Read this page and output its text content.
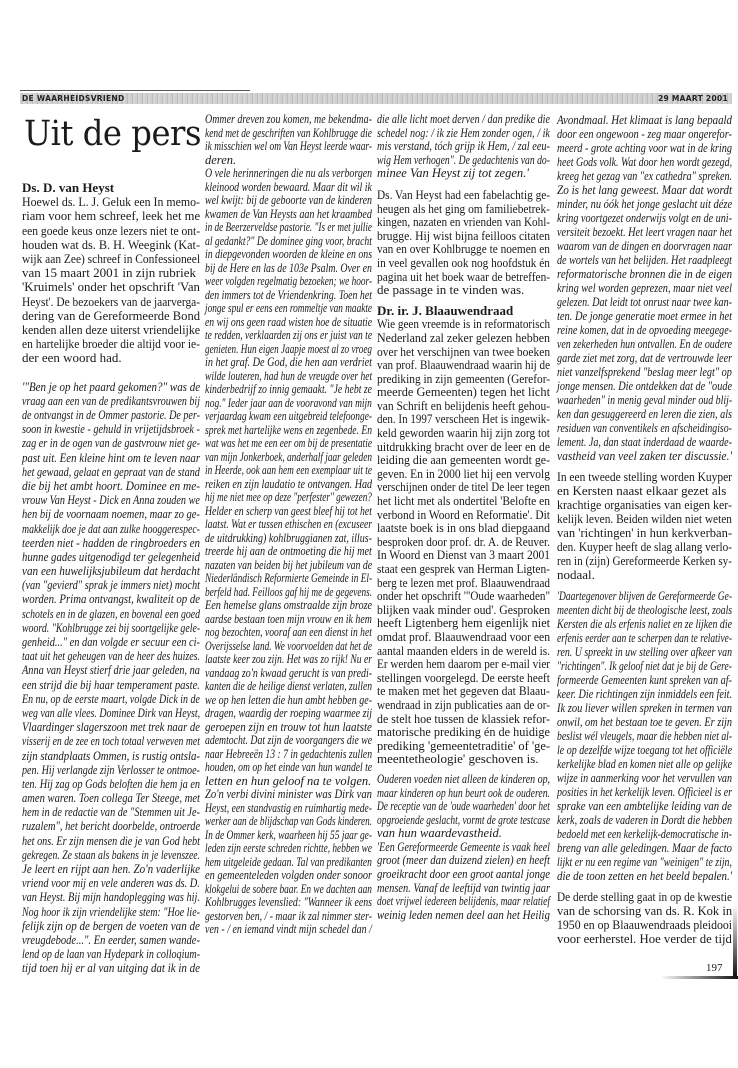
DE WAARHEIDSVRIEND	29 MAART 2001
Uit de pers
Ds. D. van Heyst
Hoewel ds. L. J. Geluk een In memo-
riam voor hem schreef, leek het me
een goede keus onze lezers niet te ont-
houden wat ds. B. H. Weegink (Kat-
wijk aan Zee) schreef in Confessioneel
van 15 maart 2001 in zijn rubriek
'Kruimels' onder het opschrift 'Van
Heyst'. De bezoekers van de jaarverga-
dering van de Gereformeerde Bond
kenden allen deze uiterst vriendelijke
en hartelijke broeder die altijd voor ie-
der een woord had.
'"Ben je op het paard gekomen?" was de
vraag aan een van de predikantsvrouwen bij
de ontvangst in de Ommer pastorie. De per-
soon in kwestie - gehuld in vrijetijdsbroek -
zag er in de ogen van de gastvrouw niet ge-
past uit. Een kleine hint om te leven naar
het gewaad, gelaat en gepraat van de stand
die bij het ambt hoort. Dominee en me-
vrouw Van Heyst - Dick en Anna zouden we
hen bij de voornaam noemen, maar zo ge-
makkelijk doe je dat aan zulke hooggerespec-
teerden niet - hadden de ringbroeders en
hunne gades uitgenodigd ter gelegenheid
van een huwelijksjubileum dat herdacht
(van "gevierd" sprak je immers niet) mocht
worden. Prima ontvangst, kwaliteit op de
schotels en in de glazen, en bovenal een goed
woord. "Kohlbrugge zei bij soortgelijke gele-
genheid..." en dan volgde er secuur een ci-
taat uit het geheugen van de heer des huizes.
Anna van Heyst stierf drie jaar geleden, na
een strijd die bij haar temperament paste.
En nu, op de eerste maart, volgde Dick in de
weg van alle vlees. Dominee Dirk van Heyst,
Vlaardinger slagerszoon met trek naar de
visserij en de zee en toch totaal verweven met
zijn standplaats Ommen, is rustig ontsla-
pen. Hij verlangde zijn Verlosser te ontmoe-
ten. Hij zag op Gods beloften die hem ja en
amen waren. Toen collega Ter Steege, met
hem in de redactie van de "Stemmen uit Je-
ruzalem", het bericht doorbelde, ontroerde
het ons. Er zijn mensen die je van God hebt
gekregen. Ze staan als bakens in je levenszee.
Je leert en rijpt aan hen. Zo'n vaderlijke
vriend voor mij en vele anderen was ds. D.
van Heyst. Bij mijn handoplegging was hij.
Nog hoor ik zijn vriendelijke stem: "Hoe lie-
felijk zijn op de bergen de voeten van de
vreugdebode...". En eerder, samen wande-
lend op de laan van Hydepark in colloqium-
tijd toen hij er al van uitging dat ik in de
Ommer dreven zou komen, me bekendma-
kend met de geschriften van Kohlbrugge die
ik misschien wel om Van Heyst leerde waar-
deren.
O vele herinneringen die nu als verborgen
kleinood worden bewaard. Maar dit wil ik
wel kwijt: bij de geboorte van de kinderen
kwamen de Van Heysts aan het kraambed
in de Beerzerveldse pastorie. "Is er met jullie
al gedankt?" De dominee ging voor, bracht
in diepgevonden woorden de kleine en ons
bij de Here en las de 103e Psalm. Over en
weer volgden regelmatig bezoeken; we hoor-
den immers tot de Vriendenkring. Toen het
jonge spul er eens een rommeltje van maakte
en wij ons geen raad wisten hoe de situatie
te redden, verklaarden zij ons er juist van te
genieten. Hun eigen Jaapje moest al zo vroeg
in het graf. De God, die hen aan verdriet
wilde louteren, had hun de vreugde over het
kinderbedrijf zo innig gemaakt. "Je hebt ze
nog." Ieder jaar aan de vooravond van mijn
verjaardag kwam een uitgebreid telefoonge-
sprek met hartelijke wens en zegenbede. En
wat was het me een eer om bij de presentatie
van mijn Jonkerboek, anderhalf jaar geleden
in Heerde, ook aan hem een exemplaar uit te
reiken en zijn laudatio te ontvangen. Had
hij me niet mee op deze "perfester" gewezen?
Helder en scherp van geest bleef hij tot het
laatst. Wat er tussen ethischen en (excuseer
de uitdrukking) kohlbruggianen zat, illus-
treerde hij aan de ontmoeting die hij met
nazaten van beiden bij het jubileum van de
Niederländisch Reformierte Gemeinde in El-
berfeld had. Feilloos gaf hij me de gegevens.
Een hemelse glans omstraalde zijn broze
aardse bestaan toen mijn vrouw en ik hem
nog bezochten, vooraf aan een dienst in het
Overijsselse land. We voorvoelden dat het de
laatste keer zou zijn. Het was zo rijk! Nu er
vandaag zo'n kwaad gerucht is van predi-
kanten die de heilige dienst verlaten, zullen
we op hen letten die hun ambt hebben ge-
dragen, waardig der roeping waarmee zij
geroepen zijn en trouw tot hun laatste
ademtocht. Dat zijn de voorgangers die we
naar Hebreeën 13 : 7 in gedachtenis zullen
houden, om op het einde van hun wandel te
letten en hun geloof na te volgen.
Zo'n verbi divini minister was Dirk van
Heyst, een standvastig en ruimhartig mede-
werker aan de blijdschap van Gods kinderen.
In de Ommer kerk, waarheen hij 55 jaar ge-
leden zijn eerste schreden richtte, hebben we
hem uitgeleide gedaan. Tal van predikanten
en gemeenteleden volgden onder sonoor
klokgelui de sobere baar. En we dachten aan
Kohlbrugges levenslied: "Wanneer ik eens
gestorven ben, / - maar ik zal nimmer ster-
ven - / en iemand vindt mijn schedel dan /
die alle licht moet derven / dan predike die
schedel nog: / ik zie Hem zonder ogen, / ik
mis verstand, tóch grijp ik Hem, / zal eeu-
wig Hem verhogen". De gedachtenis van do-
minee Van Heyst zij tot zegen.'
Ds. Van Heyst had een fabelachtig ge-
heugen als het ging om familiebetrek-
kingen, nazaten en vrienden van Kohl-
brugge. Hij wist bijna feilloos citaten
van en over Kohlbrugge te noemen en
in veel gevallen ook nog hoofdstuk én
pagina uit het boek waar de betreffen-
de passage in te vinden was.
Dr. ir. J. Blaauwendraad
Wie geen vreemde is in reformatorisch
Nederland zal zeker gelezen hebben
over het verschijnen van twee boeken
van prof. Blaauwendraad waarin hij de
prediking in zijn gemeenten (Gerefor-
meerde Gemeenten) tegen het licht
van Schrift en belijdenis heeft gehou-
den. In 1997 verscheen Het is ingewik-
keld geworden waarin hij zijn zorg tot
uitdrukking bracht over de leer en de
leiding die aan gemeenten wordt ge-
geven. En in 2000 liet hij een vervolg
verschijnen onder de titel De leer tegen
het licht met als ondertitel 'Belofte en
verbond in Woord en Reformatie'. Dit
laatste boek is in ons blad diepgaand
besproken door prof. dr. A. de Reuver.
In Woord en Dienst van 3 maart 2001
staat een gesprek van Herman Ligten-
berg te lezen met prof. Blaauwendraad
onder het opschrift '"Oude waarheden"
blijken vaak minder oud'. Gesproken
heeft Ligtenberg hem eigenlijk niet
omdat prof. Blaauwendraad voor een
aantal maanden elders in de wereld is.
Er werden hem daarom per e-mail vier
stellingen voorgelegd. De eerste heeft
te maken met het gegeven dat Blaau-
wendraad in zijn publicaties aan de or-
de stelt hoe tussen de klassiek refor-
matorische prediking én de huidige
prediking 'gemeentetraditie' of 'ge-
meentetheologie' geschoven is.
Ouderen voeden niet alleen de kinderen op,
maar kinderen op hun beurt ook de ouderen.
De receptie van de 'oude waarheden' door het
opgroeiende geslacht, vormt de grote testcase
van hun waardevastheid.
'Een Gereformeerde Gemeente is vaak heel
groot (meer dan duizend zielen) en heeft
groeikracht door een groot aantal jonge
mensen. Vanaf de leeftijd van twintig jaar
doet vrijwel iedereen belijdenis, maar relatief
weinig leden nemen deel aan het Heilig
Avondmaal. Het klimaat is lang bepaald
door een ongewoon - zeg maar ongerefor-
meerd - grote achting voor wat in de kring
heet Gods volk. Wat door hen wordt gezegd,
kreeg het gezag van "ex cathedra" spreken.
Zo is het lang geweest. Maar dat wordt
minder, nu óók het jonge geslacht uit déze
kring voortgezet onderwijs volgt en de uni-
versiteit bezoekt. Het leert vragen naar het
waarom van de dingen en doorvragen naar
de wortels van het belijden. Het raadpleegt
reformatorische bronnen die in de eigen
kring wel worden geprezen, maar niet veel
gelezen. Dat leidt tot onrust naar twee kan-
ten. De jonge generatie moet ermee in het
reine komen, dat in de opvoeding meegege-
ven zekerheden hun ontvallen. En de oudere
garde ziet met zorg, dat de vertrouwde leer
niet vanzelfsprekend "beslag meer legt" op
jonge mensen. Die ontdekken dat de "oude
waarheden" in menig geval minder oud blij-
ken dan gesuggereerd en leren die zien, als
residuen van conventikels en afscheidingiso-
lement. Ja, dan staat inderdaad de waarde-
vastheid van veel zaken ter discussie.'
In een tweede stelling worden Kuyper
en Kersten naast elkaar gezet als
krachtige organisaties van eigen ker-
kelijk leven. Beiden wilden niet weten
van 'richtingen' in hun kerkverban-
den. Kuyper heeft de slag allang verlo-
ren in (zijn) Gereformeerde Kerken sy-
nodaal.
'Daartegenover blijven de Gereformeerde Ge-
meenten dicht bij de theologische leest, zoals
Kersten die als erfenis naliet en ze lijken die
erfenis eerder aan te scherpen dan te relative-
ren. U spreekt in uw stelling over afkeer van
"richtingen". Ik geloof niet dat je bij de Gere-
formeerde Gemeenten kunt spreken van af-
keer. Die richtingen zijn inmiddels een feit.
Ik zou liever willen spreken in termen van
onwil, om het bestaan toe te geven. Er zijn
beslist wél vleugels, maar die hebben niet al-
le op dezelfde wijze toegang tot het officiële
kerkelijke blad en komen niet alle op gelijke
wijze in aanmerking voor het vervullen van
posities in het kerkelijk leven. Officieel is er
sprake van een ambtelijke leiding van de
kerk, zoals de vaderen in Dordt die hebben
bedoeld met een kerkelijk-democratische in-
breng van alle geledingen. Maar de facto
lijkt er nu een regime van "weinigen" te zijn,
die de toon zetten en het beeld bepalen.'
De derde stelling gaat in op de kwestie
van de schorsing van ds. R. Kok in
1950 en op Blaauwendraads pleidooi
voor eerherstel. Hoe verder de tijd
197
